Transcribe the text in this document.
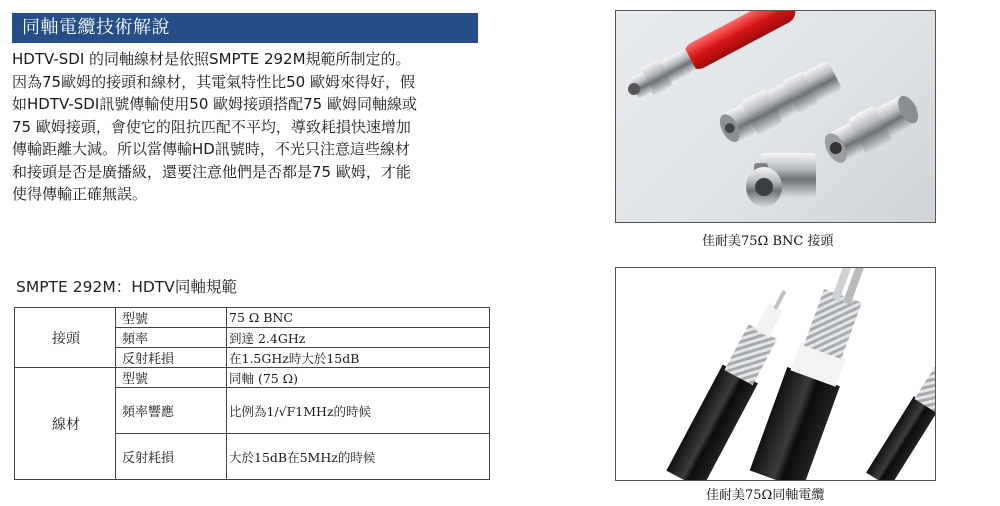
同軸電纜技術解說

HDTV-SDI 的同軸線材是依照SMPTE 292M規範所制定的。

因為75歐姆的接頭和線材，其電氣特性比50 歐姆來得好，假

如HDTV-SDI訊號傳輸使用50 歐姆接頭搭配75 歐姆同軸線或

75 歐姆接頭，會使它的阻抗匹配不平均，導致耗損快速增加

傳輸距離大減。所以當傳輸HD訊號時，不光只注意這些線材

和接頭是否是廣播級，還要注意他們是否都是75 歐姆，才能

使得傳輸正確無誤。

SMPTE 292M：HDTV同軸規範
接頭	型號	75 Ω BNC
	頻率	到達 2.4GHz
	反射耗損	在1.5GHz時大於15dB
線材	型號	同軸 (75 Ω)
	頻率響應	比例為1/√F1MHz的時候
	反射耗損	大於15dB在5MHz的時候
佳耐美75Ω BNC 接頭
佳耐美75Ω同軸電纜
